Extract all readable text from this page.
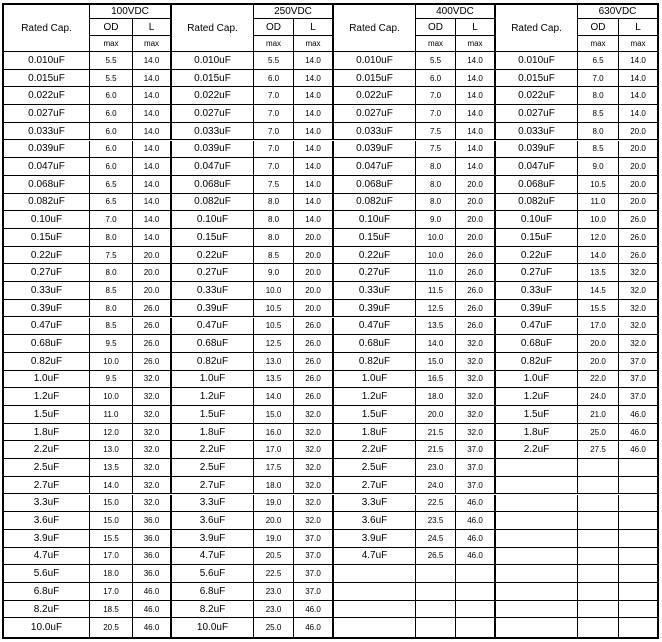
Rated Cap.
100VDC
OD	L
max	max
0.010uF	5.5	14.0
0.015uF	5.5	14.0
0.022uF	6.0	14.0
0.027uF	6.0	14.0
0.033uF	6.0	14.0
0.039uF	6.0	14.0
0.047uF	6.0	14.0
0.068uF	6.5	14.0
0.082uF	6.5	14.0
0.10uF	7.0	14.0
0.15uF	8.0	14.0
0.22uF	7.5	20.0
0.27uF	8.0	20.0
0.33uF	8.5	20.0
0.39uF	8.0	26.0
0.47uF	8.5	26.0
0.68uF	9.5	26.0
0.82uF	10.0	26.0
1.0uF	9.5	32.0
1.2uF	10.0	32.0
1.5uF	11.0	32.0
1.8uF	12.0	32.0
2.2uF	13.0	32.0
2.5uF	13.5	32.0
2.7uF	14.0	32.0
3.3uF	15.0	32.0
3.6uF	15.0	36.0
3.9uF	15.5	36.0
4.7uF	17.0	36.0
5.6uF	18.0	36.0
6.8uF	17.0	46.0
8.2uF	18.5	46.0
10.0uF	20.5	46.0
Rated Cap.
250VDC
OD	L
max	max
0.010uF	5.5	14.0
0.015uF	6.0	14.0
0.022uF	7.0	14.0
0.027uF	7.0	14.0
0.033uF	7.0	14.0
0.039uF	7.0	14.0
0.047uF	7.0	14.0
0.068uF	7.5	14.0
0.082uF	8.0	14.0
0.10uF	8.0	14.0
0.15uF	8.0	20.0
0.22uF	8.5	20.0
0.27uF	9.0	20.0
0.33uF	10.0	20.0
0.39uF	10.5	20.0
0.47uF	10.5	26.0
0.68uF	12.5	26.0
0.82uF	13.0	26.0
1.0uF	13.5	26.0
1.2uF	14.0	26.0
1.5uF	15.0	32.0
1.8uF	16.0	32.0
2.2uF	17.0	32.0
2.5uF	17.5	32.0
2.7uF	18.0	32.0
3.3uF	19.0	32.0
3.6uF	20.0	32.0
3.9uF	19.0	37.0
4.7uF	20.5	37.0
5.6uF	22.5	37.0
6.8uF	23.0	37.0
8.2uF	23.0	46.0
10.0uF	25.0	46.0
Rated Cap.
400VDC
OD	L
max	max
0.010uF	5.5	14.0
0.015uF	6.0	14.0
0.022uF	7.0	14.0
0.027uF	7.0	14.0
0.033uF	7.5	14.0
0.039uF	7.5	14.0
0.047uF	8.0	14.0
0.068uF	8.0	20.0
0.082uF	8.0	20.0
0.10uF	9.0	20.0
0.15uF	10.0	20.0
0.22uF	10.0	26.0
0.27uF	11.0	26.0
0.33uF	11.5	26.0
0.39uF	12.5	26.0
0.47uF	13.5	26.0
0.68uF	14.0	32.0
0.82uF	15.0	32.0
1.0uF	16.5	32.0
1.2uF	18.0	32.0
1.5uF	20.0	32.0
1.8uF	21.5	32.0
2.2uF	21.5	37.0
2.5uF	23.0	37.0
2.7uF	24.0	37.0
3.3uF	22.5	46.0
3.6uF	23.5	46.0
3.9uF	24.5	46.0
4.7uF	26.5	46.0
Rated Cap.
630VDC
OD	L
max	max
0.010uF	6.5	14.0
0.015uF	7.0	14.0
0.022uF	8.0	14.0
0.027uF	8.5	14.0
0.033uF	8.0	20.0
0.039uF	8.5	20.0
0.047uF	9.0	20.0
0.068uF	10.5	20.0
0.082uF	11.0	20.0
0.10uF	10.0	26.0
0.15uF	12.0	26.0
0.22uF	14.0	26.0
0.27uF	13.5	32.0
0.33uF	14.5	32.0
0.39uF	15.5	32.0
0.47uF	17.0	32.0
0.68uF	20.0	32.0
0.82uF	20.0	37.0
1.0uF	22.0	37.0
1.2uF	24.0	37.0
1.5uF	21.0	46.0
1.8uF	25.0	46.0
2.2uF	27.5	46.0
